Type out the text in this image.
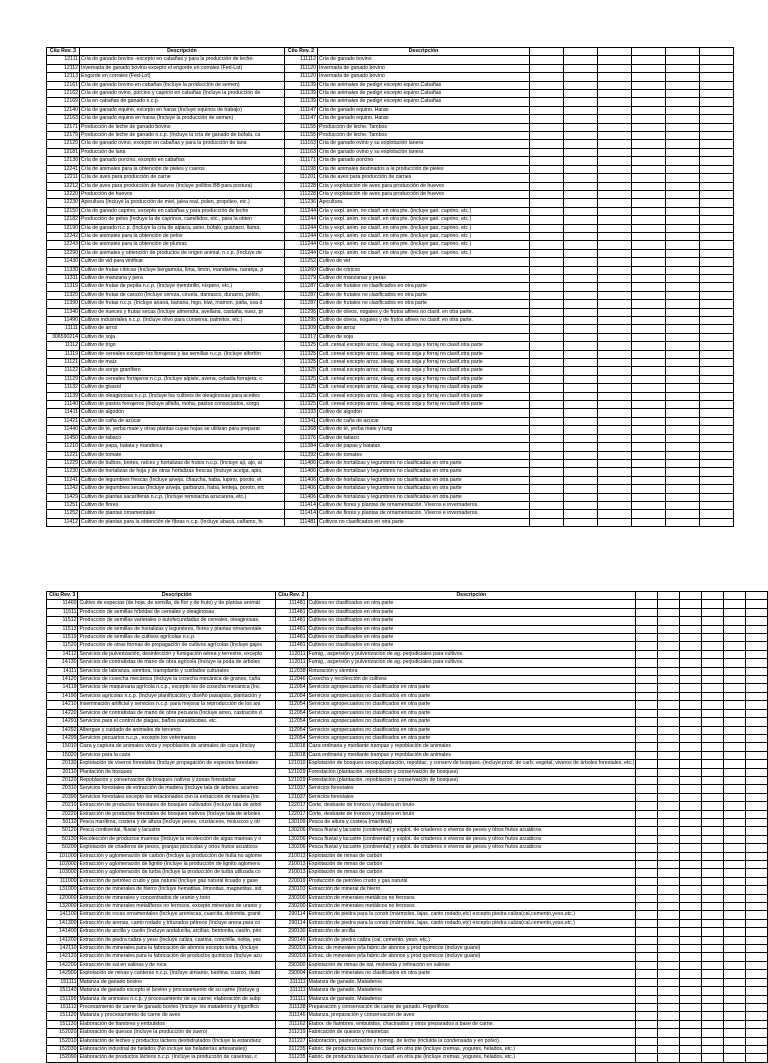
Ciiu Rev. 3	Descripción	Ciiu Rev. 2	Descripción						
12111	Cría de ganado bovino -excepto en cabañas y para la producción de leche-	111112	Cría de ganado bovino						
12112	Invernada de ganado bovino excepto el engorde en corrales (Fed-Lot)	111120	Invernada de ganado bovino						
12113	Engorde en corrales (Fed-Lot)	111120	Invernada de ganado bovino						
12161	Cría de ganado bovino en cabañas (Incluye la producción de semen)	111139	Cría de animales de pedigri excepto equino.Cabañas						
12162	Cría de ganado ovino, porcino y caprino en cabañas (Incluye la producción de	111139	Cría de animales de pedigri excepto equino.Cabañas						
12169	Cría en cabañas de ganado n.c.p.	111139	Cría de animales de pedigri excepto equino.Cabañas						
12140	Cría de ganado equino, excepto en haras (Incluye equinos de trabajo)	111147	Cría de ganado equino. Haras						
12163	Cría de ganado equino en haras (Incluye la producción de semen)	111147	Cría de ganado equino. Haras						
12171	Producción de leche de ganado bovino	111155	Producción de leche. Tambos						
12179	Producción de leche de ganado n.c.p. (Incluye la cría de ganado de búfala, ca	111155	Producción de leche. Tambos						
12120	Cría de ganado ovino, excepto en cabañas y para la producción de lana	111163	Cría de ganado ovino y su explotación lanera						
12181	Producción de lana	111163	Cría de ganado ovino y su explotación lanera						
12130	Cría de ganado porcino, excepto en cabañas	111171	Cría de ganado porcino						
12241	Cría de animales para la obtención de pieles y cueros	111198	Cría de animales destinados a la producción de pieles						
12211	Cría de aves para producción de carne	111201	Cría de aves para producción de carnes						
12212	Cría de aves para producción de huevos (Incluye pollitos BB para postura)	111228	Cría y explotación de aves para producción de huevos						
12220	Producción de huevos	111228	Cría y explotación de aves para producción de huevos						
12230	Apicultura (Incluye la producción de miel, jalea real, polen, propóleo, etc.)	111236	Apicultura						
12150	Cría de ganado caprino, excepto en cabañas y para producción de leche	111244	Cría y expl. anim. no clasif. en otra pte. (incluye gan. caprino, etc.)						
12182	Producción de pelos (Incluye la de caprinos, camélidos, etc., para la obten	111244	Cría y expl. anim. no clasif. en otra pte. (incluye gan. caprino, etc.)						
12190	Cría de ganado n.c.p. (Incluye la cría de alpaca, asno, búfalo, guanaco, llama,	111244	Cría y expl. anim. no clasif. en otra pte. (incluye gan. caprino, etc.)						
12242	Cría de animales para la obtención de pelos	111244	Cría y expl. anim. no clasif. en otra pte. (incluye gan. caprino, etc.)						
12243	Cría de animales para la obtención de plumas	111244	Cría y expl. anim. no clasif. en otra pte. (incluye gan. caprino, etc.)						
12290	Cría de animales y obtención de productos de origen animal, n.c.p. (Incluye de	111244	Cría y expl. anim. no clasif. en otra pte. (incluye gan. caprino, etc.)						
11430	Cultivo de vid para vinificar	111252	Cultivo de vid						
11330	Cultivo de frutas cítricas (Incluye bergamota, lima, limón, mandarina, naranja, p	111260	Cultivo de cítricos						
11311	Cultivo de manzana y pera	111279	Cultivo de manzanas y peras						
11319	Cultivo de frutas de pepita n.c.p. (Incluye membrillo, níspero, etc.)	111287	Cultivo de frutales no clasificados en otra parte						
11320	Cultivo de frutas de carozo (Incluye cereza, ciruela, damasco, durazno, pelón,	111287	Cultivo de frutales no clasificados en otra parte						
11390	Cultivo de frutas n.c.p. (Incluye ananá, banana, higo, kiwi, mamón, palta, uva d	111287	Cultivo de frutales no clasificados en otra parte						
11340	Cultivo de nueces y frutas secas (Incluye almendra, avellana, castaña, nuez, pi	111295	Cultivo de olivos, nogales y de frutos afines no clasif. en otra parte.						
11490	Cultivos industriales n.c.p. (Incluye olivo para conserva, palmitos, etc.)	111295	Cultivo de olivos, nogales y de frutos afines no clasif. en otra parte.						
11111	Cultivo de arroz	111309	Cultivo de arroz						
306590214	Cultivo de soja	111317	Cultivo de soja						
11112	Cultivo de trigo	111325	Cult. cereal excepto arroz, oleag. excep soja y forraj no clasif.otra parte						
11119	Cultivo de cereales excepto los forrajeros y las semillas n.c.p. (Incluye alforfón	111325	Cult. cereal excepto arroz, oleag. excep soja y forraj no clasif.otra parte						
11121	Cultivo de maíz	111325	Cult. cereal excepto arroz, oleag. excep soja y forraj no clasif.otra parte						
11122	Cultivo de sorgo granífero	111325	Cult. cereal excepto arroz, oleag. excep soja y forraj no clasif.otra parte						
11129	Cultivo de cereales forrajeros n.c.p. (Incluye alpiste, avena, cebada forrajera, c	111325	Cult. cereal excepto arroz, oleag. excep soja y forraj no clasif.otra parte						
11132	Cultivo de girasol	111325	Cult. cereal excepto arroz, oleag. excep soja y forraj no clasif.otra parte						
11139	Cultivo de oleaginosas n.c.p. (Incluye los cultivos de oleaginosas para aceites	111325	Cult. cereal excepto arroz, oleag. excep soja y forraj no clasif.otra parte						
11140	Cultivo de pastos forrajeros (Incluye alfalfa, moha, pastos consociados, sorgo	111325	Cult. cereal excepto arroz, oleag. excep soja y forraj no clasif.otra parte						
11411	Cultivo de algodón	111333	Cultivo de algodón						
11421	Cultivo de caña de azúcar	111341	Cultivo de caña de azúcar						
11440	Cultivo de té, yerba mate y otras plantas cuyas hojas se utilizan para preparar	111368	Cultivo de té, yerba mate y tung						
11450	Cultivo de tabaco	111376	Cultivo de tabaco						
11210	Cultivo de papa, batata y mandioca	111384	Cultivo de papas y batatas						
11221	Cultivo de tomate	111392	Cultivo de tomates						
11229	Cultivo de bulbos, brotes, raíces y hortalizas de frutos n.c.p. (Incluye ají, ajo, al	111406	Cultivo de hortalizas y legumbres no clasificadas en otra parte						
11230	Cultivo de hortalizas de hoja y de otras hortalizas frescas (Incluye acelga, apio,	111406	Cultivo de hortalizas y legumbres no clasificadas en otra parte						
11241	Cultivo de legumbres frescas (Incluye arveja, chaucha, haba, lupino, poroto, et	111406	Cultivo de hortalizas y legumbres no clasificadas en otra parte						
11242	Cultivo de legumbres secas (Incluye arveja, garbanzo, haba, lenteja, poroto, etc	111406	Cultivo de hortalizas y legumbres no clasificadas en otra parte						
11429	Cultivo de plantas sacaríferas n.c.p. (Incluye remolacha azucarera, etc.)	111406	Cultivo de hortalizas y legumbres no clasificadas en otra parte						
11251	Cultivo de flores	111414	Cultivo de flores y plantas de ornamentación. Viveros e invernaderos.						
11252	Cultivo de plantas ornamentales	111414	Cultivo de flores y plantas de ornamentación. Viveros e invernaderos.						
11412	Cultivo de plantas para la obtención de fibras n.c.p. (Incluye abacá, cañamo, fo	111481	Cultivos no clasificados en otra parte						
Ciiu Rev. 3	Descripción	Ciiu Rev. 2	Descripción						
11460	Cultivo de especias (de hoja, de semilla, de flor y de fruto) y de plantas aromát	111481	Cultivos no clasificados en otra parte						
11511	Producción de semillas híbridas de cereales y oleaginosas	111481	Cultivos no clasificados en otra parte						
11512	Producción de semillas varietales o autofecundadas de cereales, oleaginosas,	111481	Cultivos no clasificados en otra parte						
11513	Producción de semillas de hortalizas y legumbres, flores y plantas ornamentale	111481	Cultivos no clasificados en otra parte						
11519	Producción de semillas de cultivos agrícolas n.c.p.	111481	Cultivos no clasificados en otra parte						
11520	Producción de otras formas de propagación de cultivos agrícolas (Incluye gajos	111481	Cultivos no clasificados en otra parte						
14112	Servicios de pulverización, desinfección y fumigación aérea y terrestre, excepto	112011	Fumig., aspersión y pulverización de ag. perjudiciales para cultivos.						
14130	Servicios de contratistas de mano de obra agrícola (Incluye la poda de árboles	112011	Fumig., aspersión y pulverización de ag. perjudiciales para cultivos.						
14111	Servicios de labranza, siembra, transplante y cuidados culturales	112038	Roturación y siembra						
14120	Servicios de cosecha mecánica (Incluye la cosecha mecánica de granos, caña	112046	Cosecha y recolección de cultivos						
14119	Servicios de maquinaria agrícola n.c.p., excepto los de cosecha mecánica (Inc	112054	Servicios agropecuarios no clasificados en otra parte						
14190	Servicios agrícolas n.c.p. (Incluye planificación y diseño paisajista, plantación y	112054	Servicios agropecuarios no clasificados en otra parte						
14210	Inseminación artificial y servicios n.c.p. para mejorar la reproducción de los ani	112054	Servicios agropecuarios no clasificados en otra parte						
14220	Servicios de contratistas de mano de obra pecuaria (Incluye arreo, castración d	112054	Servicios agropecuarios no clasificados en otra parte						
14291	Servicios para el control de plagas, baños parasiticidas, etc.	112054	Servicios agropecuarios no clasificados en otra parte						
14292	Albergue y cuidado de animales de terceros	112054	Servicios agropecuarios no clasificados en otra parte						
14299	Servicios pecuarios n.c.p., excepto los veterinarios	112054	Servicios agropecuarios no clasificados en otra parte						
15010	Caza y captura de animales vivos y repoblación de animales de caza (Incluy	113018	Caza ordinaria y mediante trampas y repoblación de animales						
15020	Servicios para la caza	113018	Caza ordinaria y mediante trampas y repoblación de animales						
20130	Explotación de viveros forestales (Incluye propagación de especies forestales	121010	Explotación de bosques excep.plantación, repoblac. y conserv.de bosques.-(incluye prod. de carb. vegetal, viveros de árboles forestales, etc.)						
20110	Plantación de bosques	121029	Forestación (plantación, repoblación y conservación de bosques)						
20120	Repoblación y conservación de bosques nativos y zonas forestadas	121029	Forestación (plantación, repoblación y conservación de bosques)						
20310	Servicios forestales de extracción de madera (Incluye tala de árboles, acarreo	121037	Servicios forestales						
20390	Servicios forestales excepto los relacionados con la extracción de madera (Inc	121037	Servicios forestales						
20210	Extracción de productos forestales de bosques cultivados (Incluye tala de árbol	122017	Corte, desbaste de troncos y madera en bruto						
20220	Extracción de productos forestales de bosques nativos (Incluye tala de árboles	122017	Corte, desbaste de troncos y madera en bruto						
50110	Pesca marítima, costera y de altura (Incluye peces, crustáceos, moluscos y otr	130109	Pesca de altura y costera (marítima)						
50120	Pesca continental, fluvial y lacustre	130206	Pesca fluvial y lacustre (continental) y explot. de criaderos o viveros de peces y otros frutos acuáticos						
50130	Recolección de productos marinos (Incluye la recolección de algas marinas y o	130206	Pesca fluvial y lacustre (continental) y explot. de criaderos o viveros de peces y otros frutos acuáticos						
50200	Explotación de criaderos de peces, granjas piscícolas y otros frutos acuáticos	130206	Pesca fluvial y lacustre (continental) y explot. de criaderos o viveros de peces y otros frutos acuáticos						
101000	Extracción y aglomeración de carbón (Incluye la producción de hulla no aglome	210013	Explotación de minas de carbón						
102000	Extracción y aglomeración de lignito (Incluye la producción de lignito aglomera	210013	Explotación de minas de carbón						
103000	Extracción y aglomeración de turba (Incluye la producción de turba utilizada co	210013	Explotación de minas de carbón						
111000	Extracción de petróleo crudo y gas natural (Incluye gas natural licuado y gase	220019	Producción de petróleo crudo y gas natural						
131000	Extracción de minerales de hierro (Incluye hematitas, limonitas, magnetitas, sid	230103	Extracción de mineral de hierro						
120000	Extracción de minerales y concentrados de uranio y torio	230200	Extracción de minerales metálicos no ferrosos						
132000	Extracción de minerales metalíferos no ferrosos, excepto minerales de uranio y	230200	Extracción de minerales metálicos no ferrosos						
141100	Extracción de rocas ornamentales (Incluye areniscas, cuarcita, dolomita, granit	290114	Extracción de piedra para la constr.(mármoles, lajas, canto rodado,etc) excepto piedra caliza(cal,cemento,yeso,etc.)						
141300	Extracción de arenas, canto rodado y triturados pétreos (Incluye arena para co	290114	Extracción de piedra para la constr.(mármoles, lajas, canto rodado,etc) excepto piedra caliza(cal,cemento,yeso,etc.)						
141400	Extracción de arcilla y caolín (Incluye andalucita, arcillas, bentonita, caolín, piro	290130	Extracción de arcilla						
141200	Extracción de piedra caliza y yeso (Incluye caliza, castina, conchilla, riolita, yes	290149	Extracción de piedra caliza (cal, cemento, yeso, etc.)						
142110	Extracción de minerales para la fabricación de abonos excepto turba. (Incluye	290203	Extrac. de minerales p/la fabric.de abonos y prod químicos (incluye guano)						
142120	Extracción de minerales para la fabricación de productos químicos (Incluye azu	290203	Extrac. de minerales p/la fabric.de abonos y prod químicos (incluye guano)						
142200	Extracción de sal en salinas y de roca	290300	Explotación de minas de sal, molienda y refinación en salinas						
142900	Explotación de minas y canteras n.c.p. (Incluye amianto, baritina, cuarzo, diato	290904	Extracción de minerales no clasificados en otra parte						
151111	Matanza de ganado bovino	311111	Matanza de ganado. Mataderos						
151140	Matanza de ganado excepto el bovino y procesamiento de su carne (Incluye g	311111	Matanza de ganado. Mataderos						
151199	Matanza de animales n.c.p. y procesamiento de su carne; elaboración de subp	311111	Matanza de ganado. Mataderos						
151112	Procesamiento de carne de ganado bovino (Incluye los mataderos y frigorífico	311138	Preparación y conservación de carne de ganado. Frigoríficos						
151120	Matanza y procesamiento de carne de aves	311146	Matanza, preparación y conservación de aves						
151130	Elaboración de fiambres y embutidos	311162	Elabor. de fiambres, embutidos, chacinados y otros preparados a base de carne.						
152020	Elaboración de quesos (Incluye la producción de suero)	311219	Fabricación de quesos y mantecas						
152010	Elaboración de leches y productos lácteos deshidratados (Incluye la estandariz	311227	Elaboración, pasteurización y homog. de leche (incluida la condensada y en polvo).						
152030	Elaboración industrial de helados (No incluye las heladerías artesanales)	311235	Fabric. de productos lácteos no clasif. en otra pte (incluye cremas, yogures, helados, etc.)						
152090	Elaboración de productos lácteos n.c.p. (Incluye la producción de caseínas, c	311235	Fabric. de productos lácteos no clasif. en otra pte (incluye cremas, yogures, helados, etc.)						
